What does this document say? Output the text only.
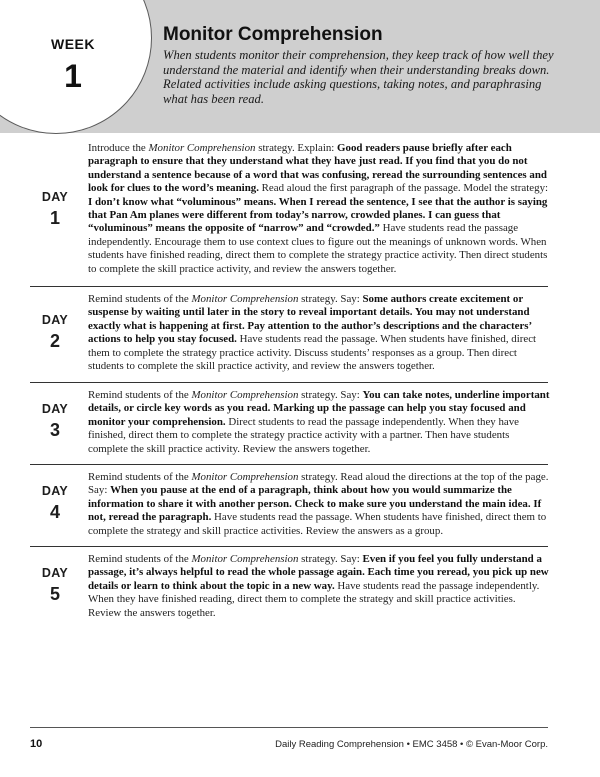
WEEK
1
Monitor Comprehension

When students monitor their comprehension, they keep track of how well they understand the material and identify when their understanding breaks down. Related activities include asking questions, taking notes, and paraphrasing what has been read.

DAY
1

Introduce the Monitor Comprehension strategy. Explain: Good readers pause briefly after each paragraph to ensure that they understand what they have just read. If you find that you do not understand a sentence because of a word that was confusing, reread the surrounding sentences and look for clues to the word’s meaning. Read aloud the first paragraph of the passage. Model the strategy: I don’t know what “voluminous” means. When I reread the sentence, I see that the author is saying that Pan Am planes were different from today’s narrow, crowded planes. I can guess that “voluminous” means the opposite of “narrow” and “crowded.” Have students read the passage independently. Encourage them to use context clues to figure out the meanings of unknown words. When students have finished reading, direct them to complete the strategy practice activity. Then direct students to complete the skill practice activity, and review the answers together.

DAY
2

Remind students of the Monitor Comprehension strategy. Say: Some authors create excitement or suspense by waiting until later in the story to reveal important details. You may not understand exactly what is happening at first. Pay attention to the author’s descriptions and the characters’ actions to help you stay focused. Have students read the passage. When students have finished, direct them to complete the strategy practice activity. Discuss students’ responses as a group. Then direct students to complete the skill practice activity, and review the answers together.

DAY
3

Remind students of the Monitor Comprehension strategy. Say: You can take notes, underline important details, or circle key words as you read. Marking up the passage can help you stay focused and monitor your comprehension. Direct students to read the passage independently. When they have finished, direct them to complete the strategy practice activity with a partner. Then have students complete the skill practice activity. Review the answers together.

DAY
4

Remind students of the Monitor Comprehension strategy. Read aloud the directions at the top of the page. Say: When you pause at the end of a paragraph, think about how you would summarize the information to share it with another person. Check to make sure you understand the main idea. If not, reread the paragraph. Have students read the passage. When students have finished, direct them to complete the strategy and skill practice activities. Review the answers as a group.

DAY
5

Remind students of the Monitor Comprehension strategy. Say: Even if you feel you fully understand a passage, it’s always helpful to read the whole passage again. Each time you reread, you pick up new details or learn to think about the topic in a new way. Have students read the passage independently. When they have finished reading, direct them to complete the strategy and skill practice activities. Review the answers together.

10	Daily Reading Comprehension • EMC 3458 • © Evan-Moor Corp.
